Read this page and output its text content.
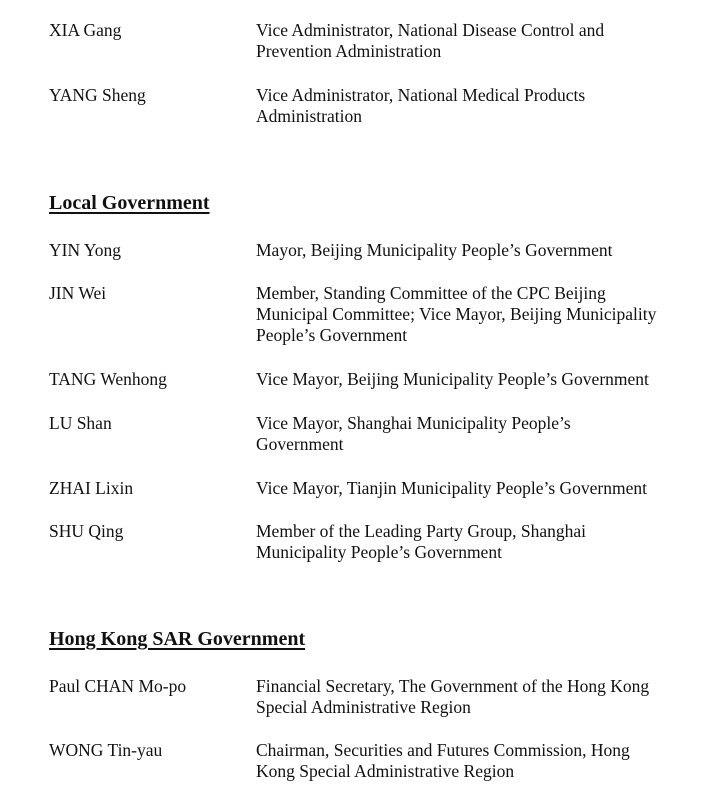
XIA Gang	Vice Administrator, National Disease Control and
Prevention Administration
YANG Sheng	Vice Administrator, National Medical Products
Administration
Local Government
YIN Yong	Mayor, Beijing Municipality People’s Government
JIN Wei	Member, Standing Committee of the CPC Beijing
Municipal Committee; Vice Mayor, Beijing Municipality
People’s Government
TANG Wenhong	Vice Mayor, Beijing Municipality People’s Government
LU Shan	Vice Mayor, Shanghai Municipality People’s
Government
ZHAI Lixin	Vice Mayor, Tianjin Municipality People’s Government
SHU Qing	Member of the Leading Party Group, Shanghai
Municipality People’s Government
Hong Kong SAR Government
Paul CHAN Mo-po	Financial Secretary, The Government of the Hong Kong
Special Administrative Region
WONG Tin-yau	Chairman, Securities and Futures Commission, Hong
Kong Special Administrative Region
